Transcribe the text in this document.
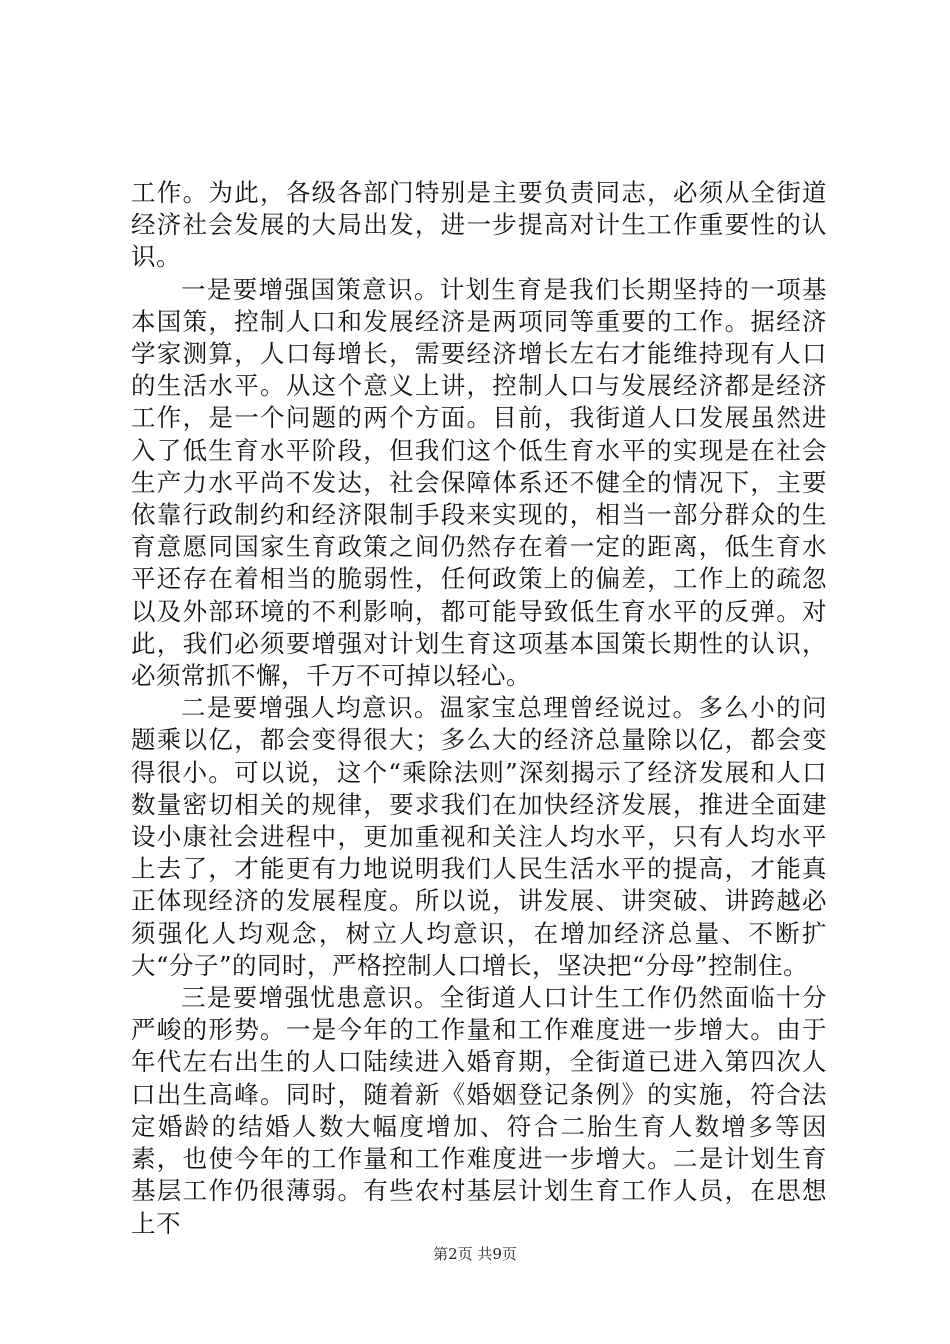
工作。为此，各级各部门特别是主要负责同志，必须从全街道经济社会发展的大局出发，进一步提高对计生工作重要性的认识。

一是要增强国策意识。计划生育是我们长期坚持的一项基本国策，控制人口和发展经济是两项同等重要的工作。据经济学家测算，人口每增长，需要经济增长左右才能维持现有人口的生活水平。从这个意义上讲，控制人口与发展经济都是经济工作，是一个问题的两个方面。目前，我街道人口发展虽然进入了低生育水平阶段，但我们这个低生育水平的实现是在社会生产力水平尚不发达，社会保障体系还不健全的情况下，主要依靠行政制约和经济限制手段来实现的，相当一部分群众的生育意愿同国家生育政策之间仍然存在着一定的距离，低生育水平还存在着相当的脆弱性，任何政策上的偏差，工作上的疏忽以及外部环境的不利影响，都可能导致低生育水平的反弹。对此，我们必须要增强对计划生育这项基本国策长期性的认识，必须常抓不懈，千万不可掉以轻心。

二是要增强人均意识。温家宝总理曾经说过。多么小的问题乘以亿，都会变得很大；多么大的经济总量除以亿，都会变得很小。可以说，这个“乘除法则”深刻揭示了经济发展和人口数量密切相关的规律，要求我们在加快经济发展，推进全面建设小康社会进程中，更加重视和关注人均水平，只有人均水平上去了，才能更有力地说明我们人民生活水平的提高，才能真正体现经济的发展程度。所以说，讲发展、讲突破、讲跨越必须强化人均观念，树立人均意识，在增加经济总量、不断扩大“分子”的同时，严格控制人口增长，坚决把“分母”控制住。

三是要增强忧患意识。全街道人口计生工作仍然面临十分严峻的形势。一是今年的工作量和工作难度进一步增大。由于年代左右出生的人口陆续进入婚育期，全街道已进入第四次人口出生高峰。同时，随着新《婚姻登记条例》的实施，符合法定婚龄的结婚人数大幅度增加、符合二胎生育人数增多等因素，也使今年的工作量和工作难度进一步增大。二是计划生育基层工作仍很薄弱。有些农村基层计划生育工作人员，在思想上不

第2页 共9页
